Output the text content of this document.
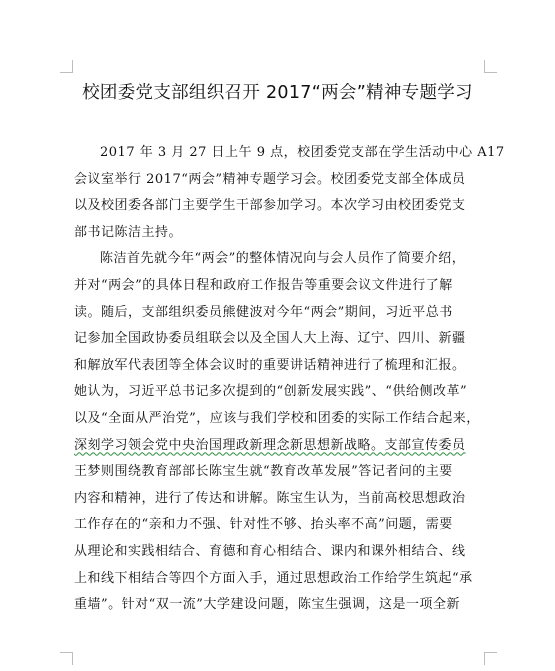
校团委党支部组织召开 2017“两会”精神专题学习
2017 年 3 月 27 日上午 9 点，校团委党支部在学生活动中心 A17
会议室举行 2017“两会”精神专题学习会。校团委党支部全体成员
以及校团委各部门主要学生干部参加学习。本次学习由校团委党支
部书记陈洁主持。
陈洁首先就今年“两会”的整体情况向与会人员作了简要介绍，
并对“两会”的具体日程和政府工作报告等重要会议文件进行了解
读。随后，支部组织委员熊健波对今年“两会”期间，习近平总书
记参加全国政协委员组联会以及全国人大上海、辽宁、四川、新疆
和解放军代表团等全体会议时的重要讲话精神进行了梳理和汇报。
她认为，习近平总书记多次提到的“创新发展实践”、“供给侧改革”
以及“全面从严治党”，应该与我们学校和团委的实际工作结合起来，
深刻学习领会党中央治国理政新理念新思想新战略。支部宣传委员
王梦则围绕教育部部长陈宝生就“教育改革发展”答记者问的主要
内容和精神，进行了传达和讲解。陈宝生认为，当前高校思想政治
工作存在的“亲和力不强、针对性不够、抬头率不高”问题，需要
从理论和实践相结合、育德和育心相结合、课内和课外相结合、线
上和线下相结合等四个方面入手，通过思想政治工作给学生筑起“承
重墙”。针对“双一流”大学建设问题，陈宝生强调，这是一项全新
